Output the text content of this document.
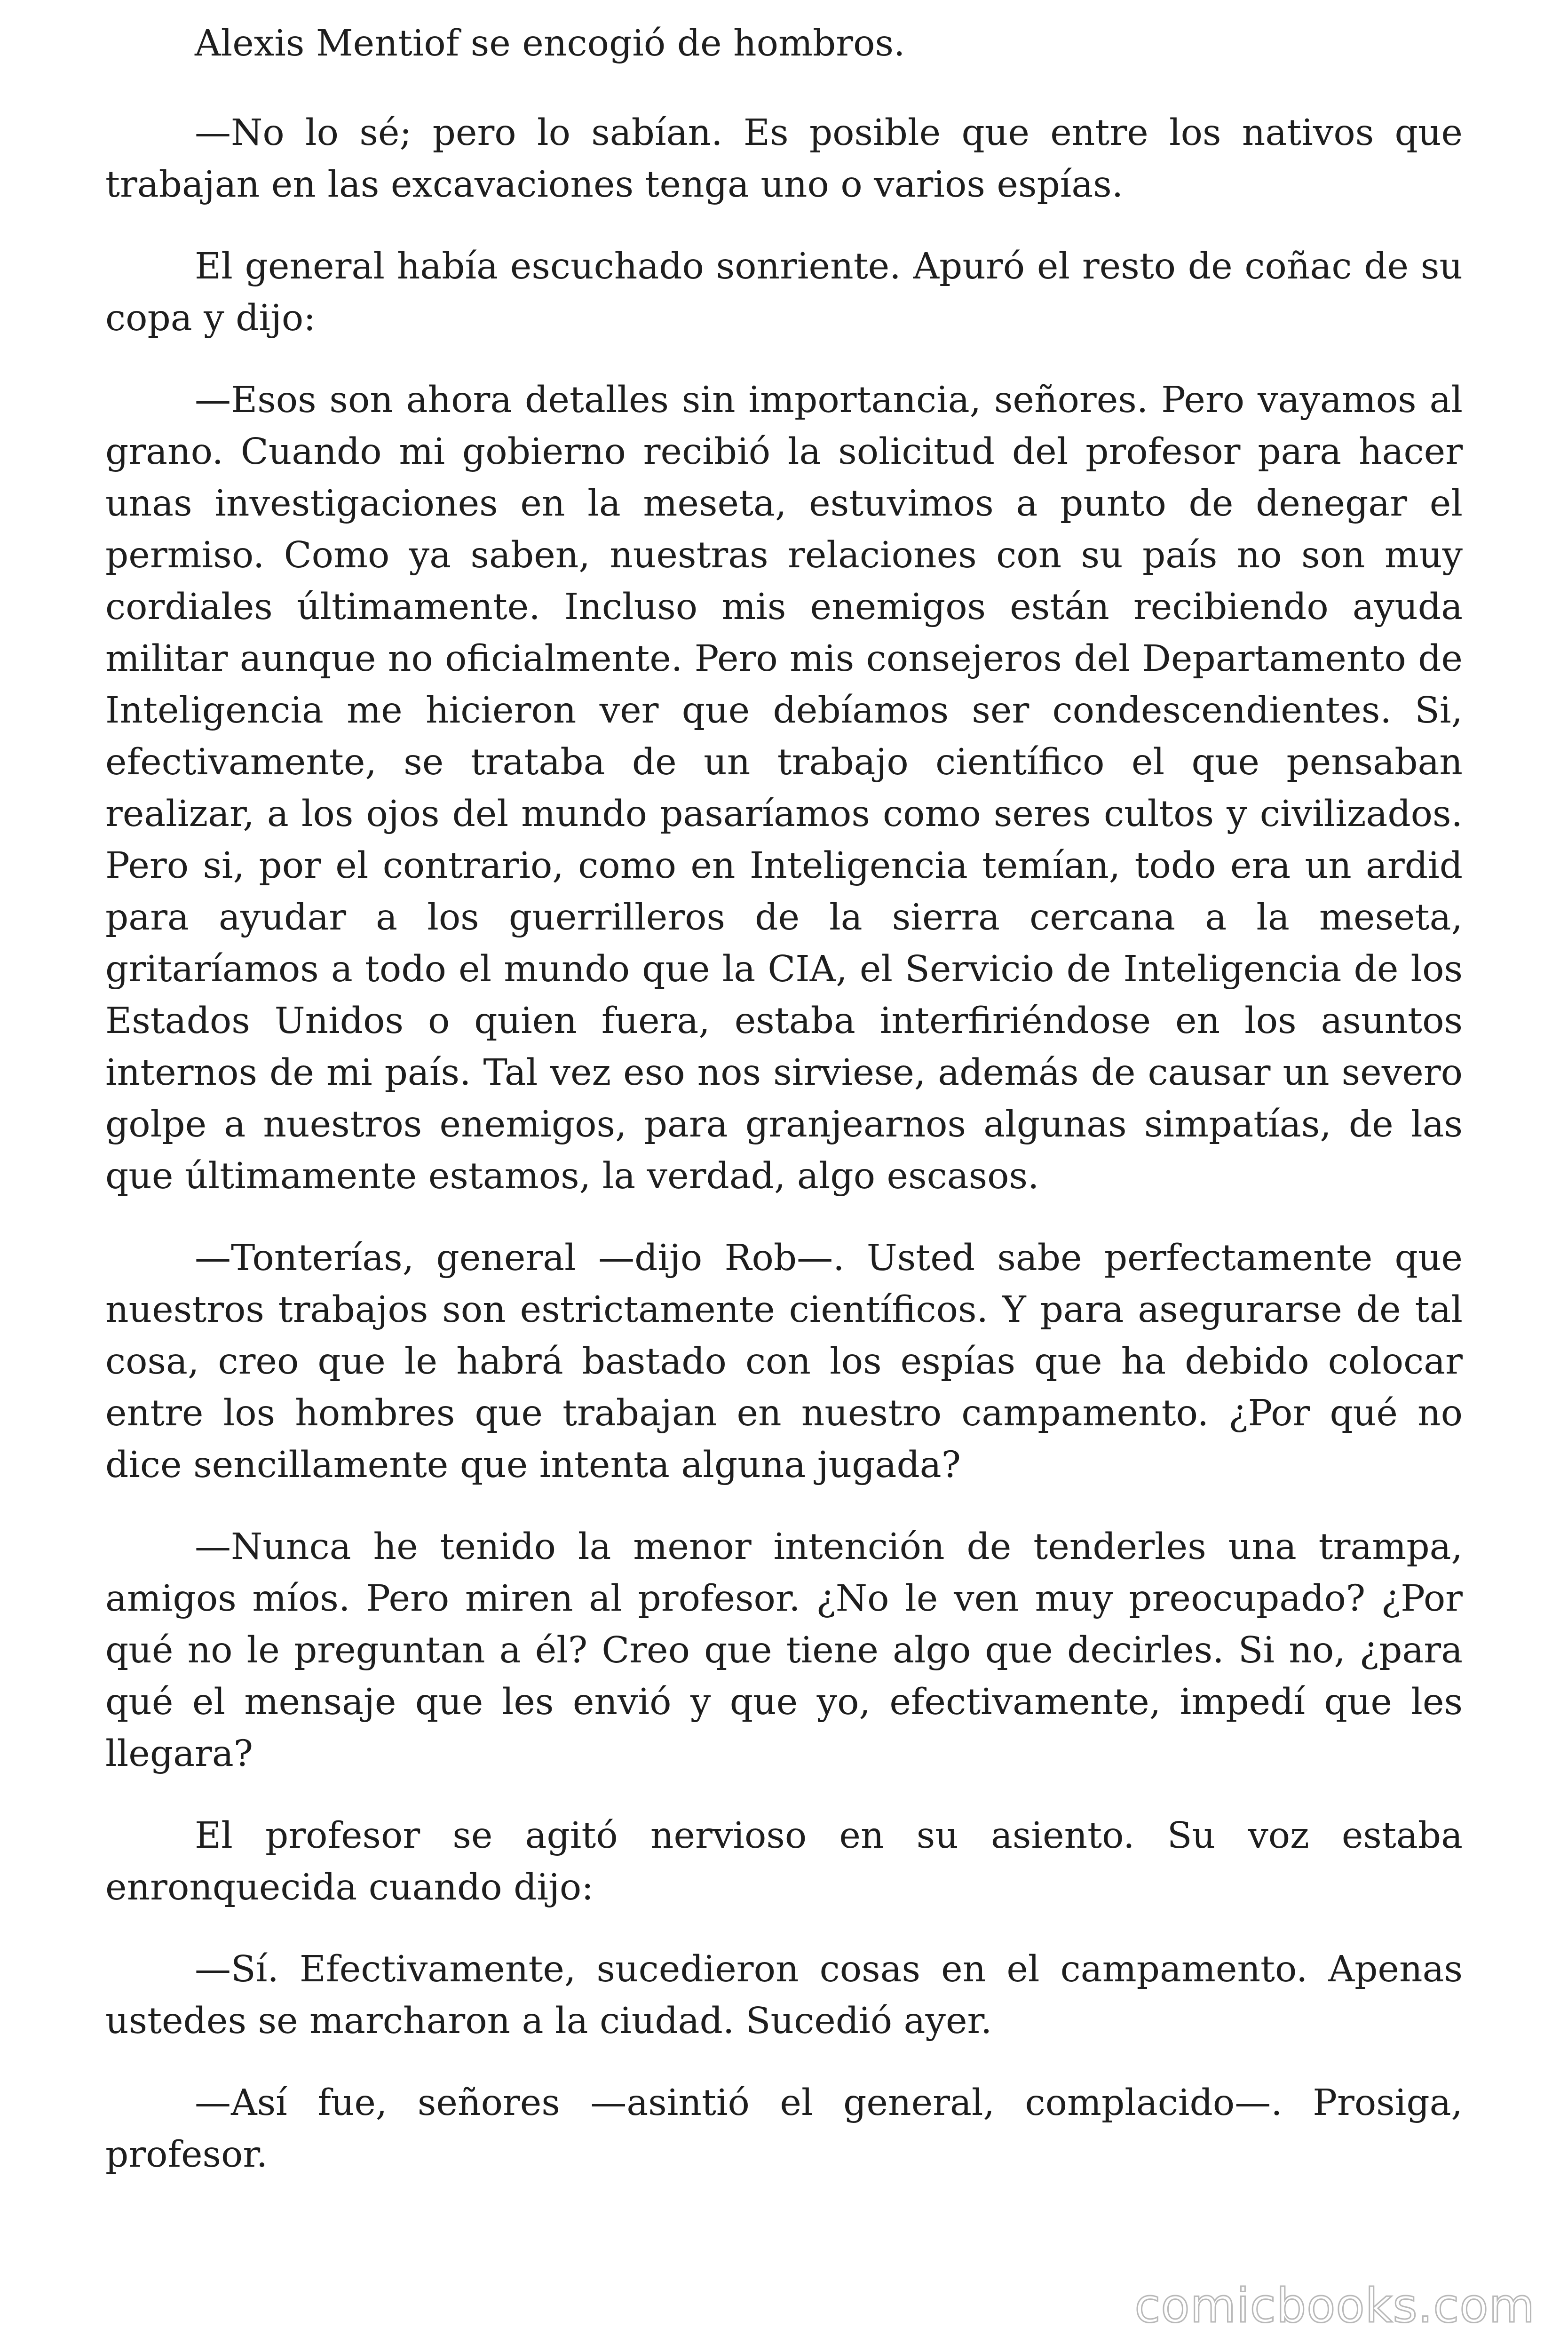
Alexis Mentiof se encogió de hombros.

—No lo sé; pero lo sabían. Es posible que entre los nativos que trabajan en las excavaciones tenga uno o varios espías.

El general había escuchado sonriente. Apuró el resto de coñac de su copa y dijo:

—Esos son ahora detalles sin importancia, señores. Pero vayamos al grano. Cuando mi gobierno recibió la solicitud del profesor para hacer unas investigaciones en la meseta, estuvimos a punto de denegar el permiso. Como ya saben, nuestras relaciones con su país no son muy cordiales últimamente. Incluso mis enemigos están recibiendo ayuda militar aunque no oficialmente. Pero mis consejeros del Departamento de Inteligencia me hicieron ver que debíamos ser condescendientes. Si, efectivamente, se trataba de un trabajo científico el que pensaban realizar, a los ojos del mundo pasaríamos como seres cultos y civilizados. Pero si, por el contrario, como en Inteligencia temían, todo era un ardid para ayudar a los guerrilleros de la sierra cercana a la meseta, gritaríamos a todo el mundo que la CIA, el Servicio de Inteligencia de los Estados Unidos o quien fuera, estaba interfiriéndose en los asuntos internos de mi país. Tal vez eso nos sirviese, además de causar un severo golpe a nuestros enemigos, para granjearnos algunas simpatías, de las que últimamente estamos, la verdad, algo escasos.

—Tonterías, general —dijo Rob—. Usted sabe perfectamente que nuestros trabajos son estrictamente científicos. Y para asegurarse de tal cosa, creo que le habrá bastado con los espías que ha debido colocar entre los hombres que trabajan en nuestro campamento. ¿Por qué no dice sencillamente que intenta alguna jugada?

—Nunca he tenido la menor intención de tenderles una trampa, amigos míos. Pero miren al profesor. ¿No le ven muy preocupado? ¿Por qué no le preguntan a él? Creo que tiene algo que decirles. Si no, ¿para qué el mensaje que les envió y que yo, efectivamente, impedí que les llegara?

El profesor se agitó nervioso en su asiento. Su voz estaba enronquecida cuando dijo:

—Sí. Efectivamente, sucedieron cosas en el campamento. Apenas ustedes se marcharon a la ciudad. Sucedió ayer.

—Así fue, señores —asintió el general, complacido—. Prosiga, profesor.

comicbooks.com
